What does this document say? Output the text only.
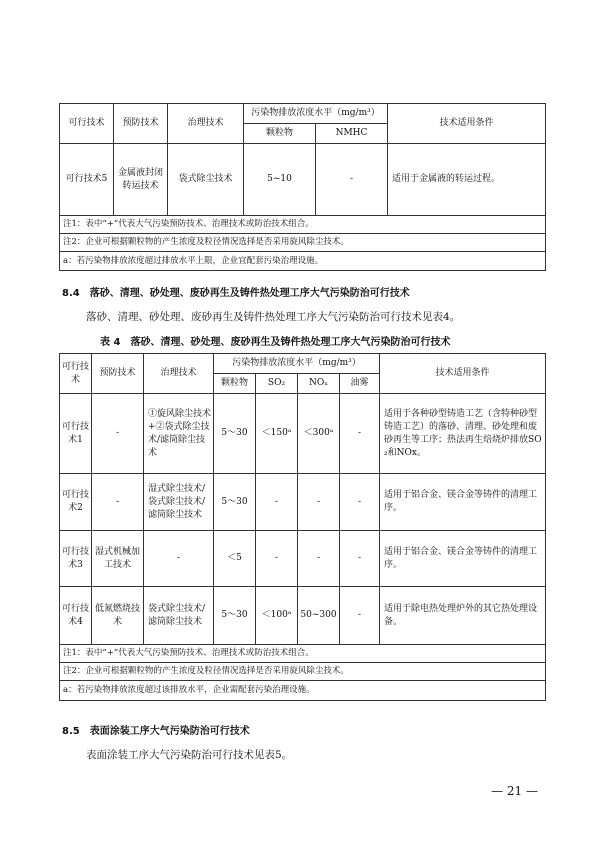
可行技术	预防技术	治理技术	污染物排放浓度水平（mg/m³）		技术适用条件
			颗粒物	NMHC	
可行技术5	金属液封闭转运技术	袋式除尘技术	5~10	-	适用于金属液的转运过程。
注1：表中“+”代表大气污染预防技术、治理技术或防治技术组合。					
注2：企业可根据颗粒物的产生浓度及粒径情况选择是否采用旋风除尘技术。					
a：若污染物排放浓度超过排放水平上限，企业宜配套污染治理设施。					
8.4　落砂、清理、砂处理、废砂再生及铸件热处理工序大气污染防治可行技术
落砂、清理、砂处理、废砂再生及铸件热处理工序大气污染防治可行技术见表4。
表 4　落砂、清理、砂处理、废砂再生及铸件热处理工序大气污染防治可行技术
可行技术	预防技术	治理技术	污染物排放浓度水平（mg/m³）				技术适用条件
			颗粒物	SO₂	NOₓ	油雾	
可行技术1	-	①旋风除尘技术+②袋式除尘技术/滤筒除尘技术	5～30	＜150ᵃ	＜300ᵃ	-	适用于各种砂型铸造工艺（含特种砂型铸造工艺）的落砂、清理、砂处理和废砂再生等工序；热法再生焙烧炉排放SO₂和NOx。
可行技术2	-	湿式除尘技术/袋式除尘技术/滤筒除尘技术	5～30	-	-	-	适用于铝合金、镁合金等铸件的清理工序。
可行技术3	湿式机械加工技术	-	＜5	-	-	-	适用于铝合金、镁合金等铸件的清理工序。
可行技术4	低氮燃烧技术	袋式除尘技术/滤筒除尘技术	5～30	＜100ᵃ	50~300	-	适用于除电热处理炉外的其它热处理设备。
注1：表中“+”代表大气污染预防技术、治理技术或防治技术组合。							
注2：企业可根据颗粒物的产生浓度及粒径情况选择是否采用旋风除尘技术。							
a：若污染物排放浓度超过该排放水平，企业需配套污染治理设施。							
8.5　表面涂装工序大气污染防治可行技术
表面涂装工序大气污染防治可行技术见表5。
— 21 —
